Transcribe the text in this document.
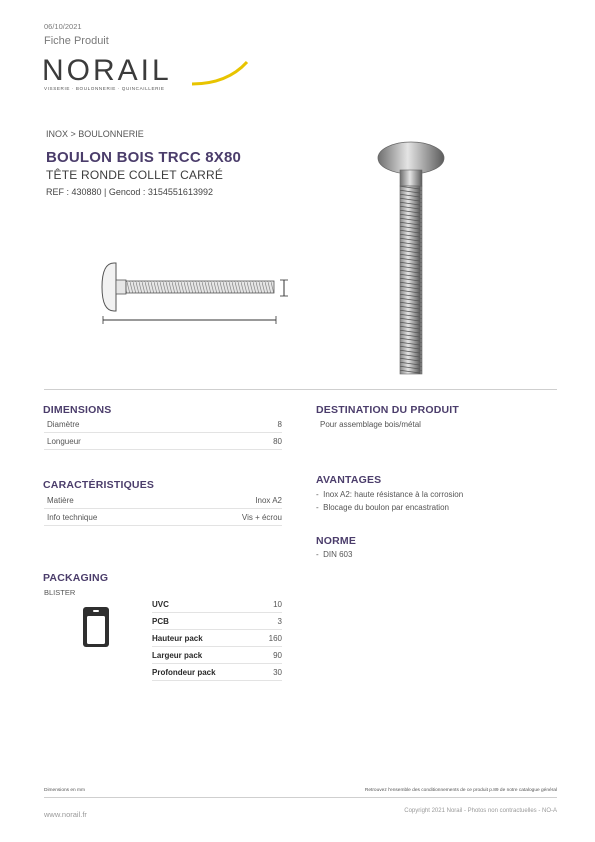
06/10/2021
Fiche Produit
NORAIL
VISSERIE · BOULONNERIE · QUINCAILLERIE
INOX > BOULONNERIE
BOULON BOIS TRCC 8X80
TÊTE RONDE COLLET CARRÉ
REF : 430880 | Gencod : 3154551613992
DIMENSIONS
Diamètre	8
Longueur	80
CARACTÉRISTIQUES
Matière	Inox A2
Info technique	Vis + écrou
PACKAGING
BLISTER
UVC	10
PCB	3
Hauteur pack	160
Largeur pack	90
Profondeur pack	30
DESTINATION DU PRODUIT
Pour assemblage bois/métal
AVANTAGES
-  Inox A2: haute résistance à la corrosion
-  Blocage du boulon par encastration
NORME
-  DIN 603
Dimensions en mm	Retrouvez l'ensemble des conditionnements de ce produit p.89 de notre catalogue général
www.norail.fr	Copyright 2021 Norail - Photos non contractuelles - NO-A
